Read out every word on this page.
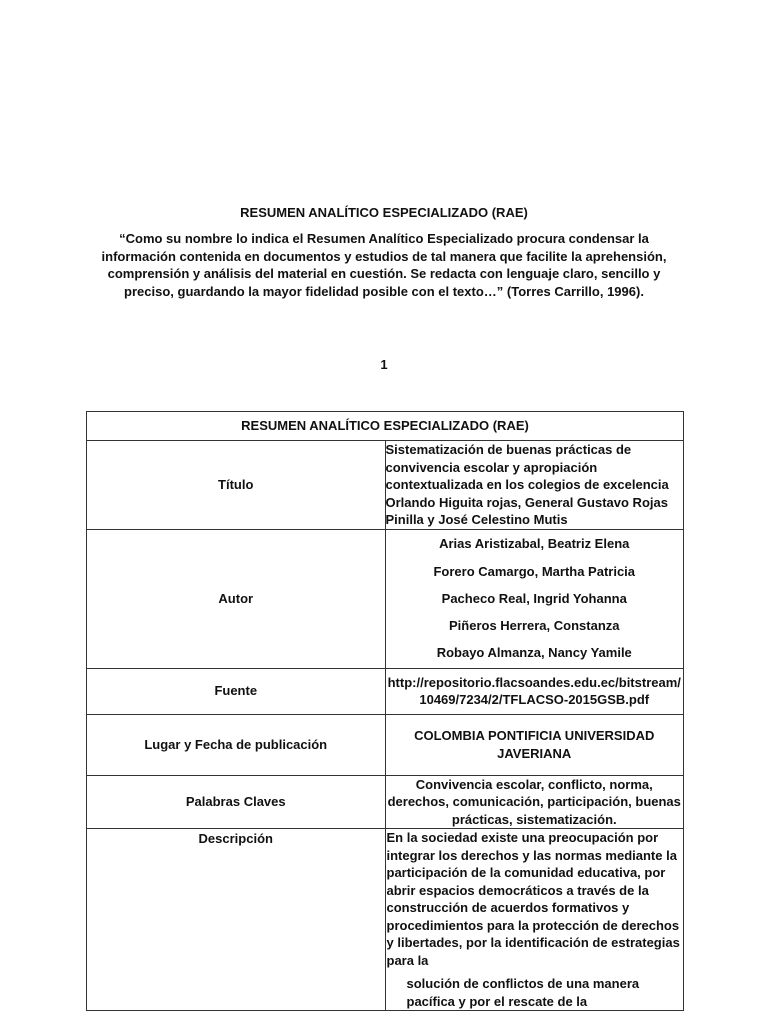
RESUMEN ANALÍTICO ESPECIALIZADO (RAE)
“Como su nombre lo indica el Resumen Analítico Especializado procura condensar la información contenida en documentos y estudios de tal manera que facilite la aprehensión, comprensión y análisis del material en cuestión. Se redacta con lenguaje claro, sencillo y preciso, guardando la mayor fidelidad posible con el texto…” (Torres Carrillo, 1996).
1
RESUMEN ANALÍTICO ESPECIALIZADO (RAE)	
Título	Sistematización de buenas prácticas de convivencia escolar y apropiación contextualizada en los colegios de excelencia Orlando Higuita rojas, General Gustavo Rojas Pinilla y José Celestino Mutis
Autor	Arias Aristizabal, Beatriz Elena
Forero Camargo, Martha Patricia
Pacheco Real, Ingrid Yohanna
Piñeros Herrera, Constanza
Robayo Almanza, Nancy Yamile

Fuente	http://repositorio.flacsoandes.edu.ec/bitstream/10469/7234/2/TFLACSO-2015GSB.pdf
Lugar y Fecha de publicación	COLOMBIA PONTIFICIA UNIVERSIDAD JAVERIANA
Palabras Claves	Convivencia escolar, conflicto, norma, derechos, comunicación, participación, buenas prácticas, sistematización.
Descripción	En la sociedad existe una preocupación por integrar los derechos y las normas mediante la participación de la comunidad educativa, por abrir espacios democráticos a través de la construcción de acuerdos formativos y procedimientos para la protección de derechos y libertades, por la identificación de estrategias para la
solución de conflictos de una manera pacífica y por el rescate de la
